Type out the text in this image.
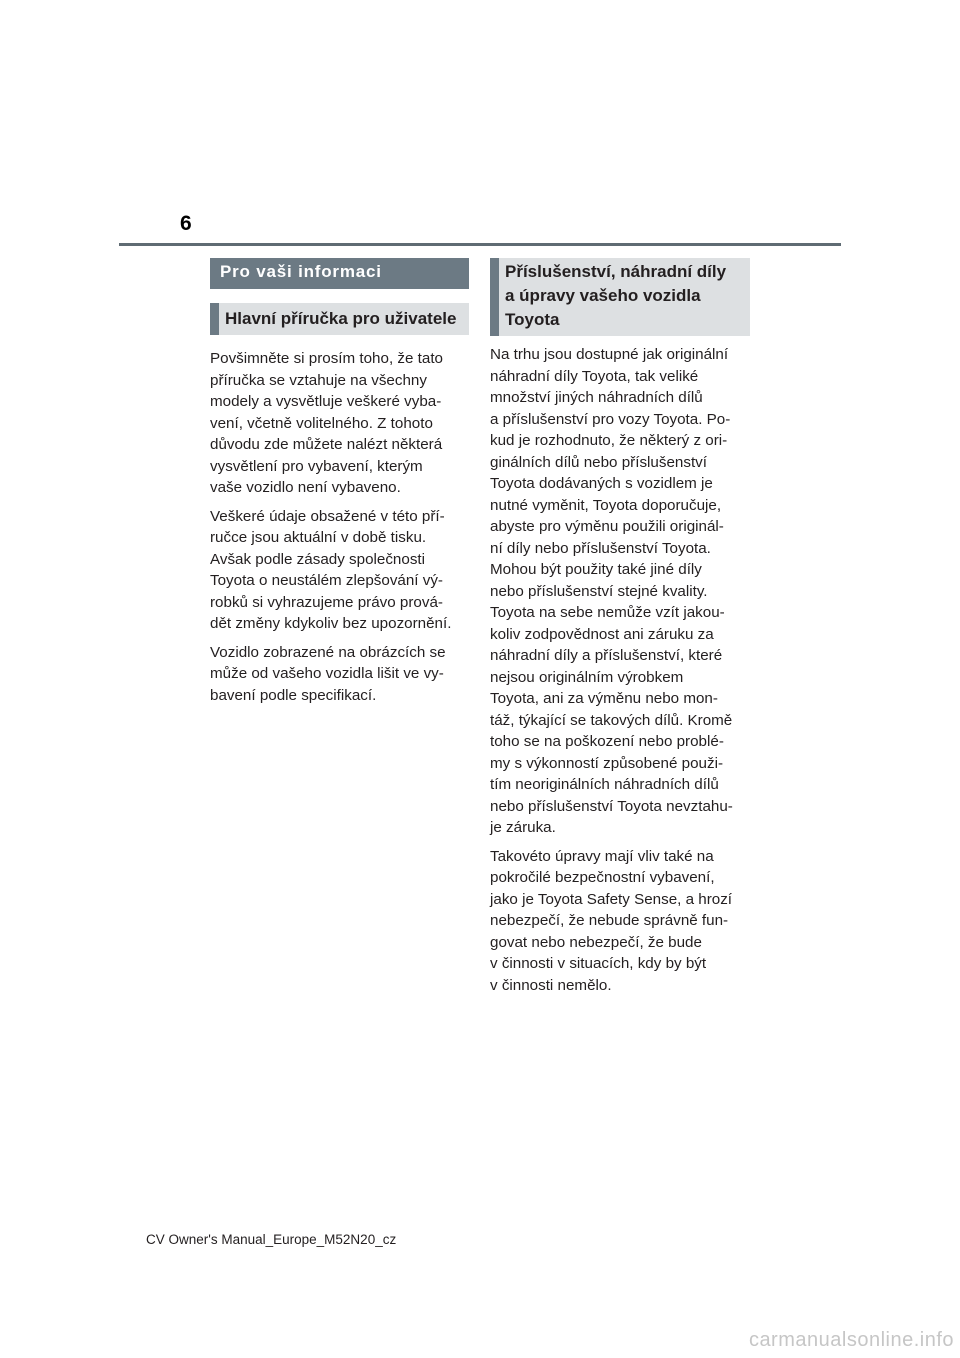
6
Pro vaši informaci
Hlavní příručka pro uživatele

Povšimněte si prosím toho, že tato
příručka se vztahuje na všechny
modely a vysvětluje veškeré vyba-
vení, včetně volitelného. Z tohoto
důvodu zde můžete nalézt některá
vysvětlení pro vybavení, kterým
vaše vozidlo není vybaveno.

Veškeré údaje obsažené v této pří-
ručce jsou aktuální v době tisku.
Avšak podle zásady společnosti
Toyota o neustálém zlepšování vý-
robků si vyhrazujeme právo prová-
dět změny kdykoliv bez upozornění.

Vozidlo zobrazené na obrázcích se
může od vašeho vozidla lišit ve vy-
bavení podle specifikací.

Příslušenství, náhradní díly
a úpravy vašeho vozidla
Toyota

Na trhu jsou dostupné jak originální
náhradní díly Toyota, tak veliké
množství jiných náhradních dílů
a příslušenství pro vozy Toyota. Po-
kud je rozhodnuto, že některý z ori-
ginálních dílů nebo příslušenství
Toyota dodávaných s vozidlem je
nutné vyměnit, Toyota doporučuje,
abyste pro výměnu použili originál-
ní díly nebo příslušenství Toyota.
Mohou být použity také jiné díly
nebo příslušenství stejné kvality.
Toyota na sebe nemůže vzít jakou-
koliv zodpovědnost ani záruku za
náhradní díly a příslušenství, které
nejsou originálním výrobkem
Toyota, ani za výměnu nebo mon-
táž, týkající se takových dílů. Kromě
toho se na poškození nebo problé-
my s výkonností způsobené použi-
tím neoriginálních náhradních dílů
nebo příslušenství Toyota nevztahu-
je záruka.

Takovéto úpravy mají vliv také na
pokročilé bezpečnostní vybavení,
jako je Toyota Safety Sense, a hrozí
nebezpečí, že nebude správně fun-
govat nebo nebezpečí, že bude
v činnosti v situacích, kdy by být
v činnosti nemělo.

CV Owner's Manual_Europe_M52N20_cz
carmanualsonline.info
